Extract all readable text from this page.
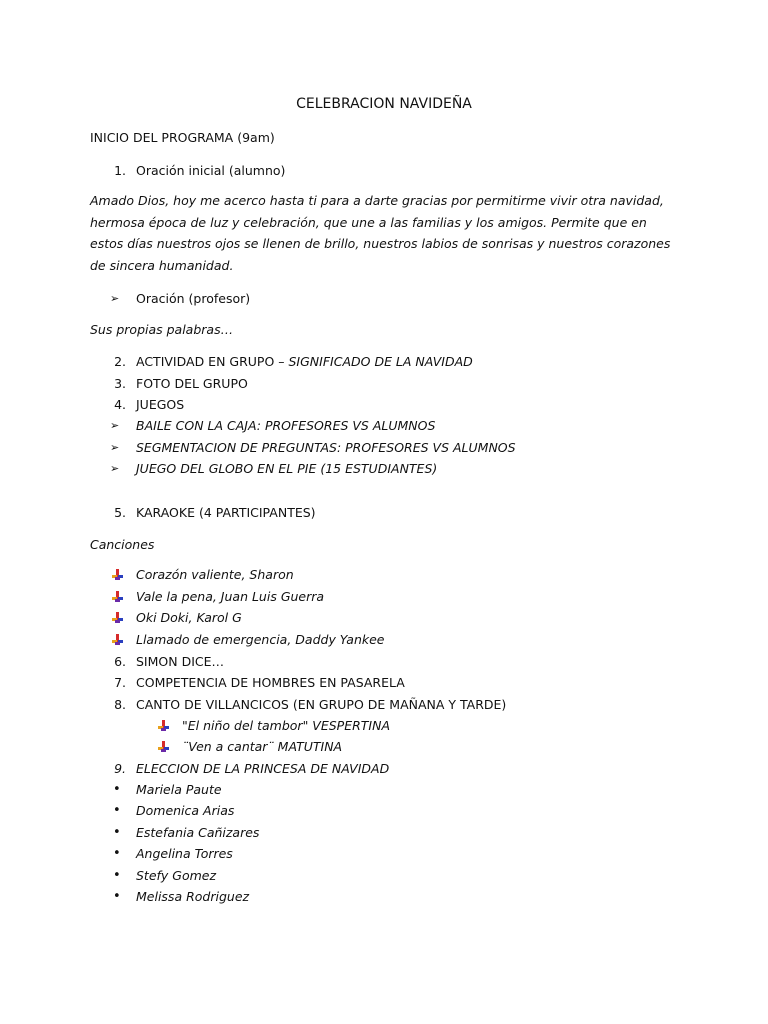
CELEBRACION NAVIDEÑA
INICIO DEL PROGRAMA (9am)
1. Oración inicial (alumno)
Amado Dios, hoy me acerco hasta ti para a darte gracias por permitirme vivir otra navidad, hermosa época de luz y celebración, que une a las familias y los amigos. Permite que en estos días nuestros ojos se llenen de brillo, nuestros labios de sonrisas y nuestros corazones de sincera humanidad.
➢ Oración (profesor)
Sus propias palabras…
2. ACTIVIDAD EN GRUPO – SIGNIFICADO DE LA NAVIDAD
3. FOTO DEL GRUPO
4. JUEGOS
➢ BAILE CON LA CAJA: PROFESORES VS ALUMNOS
➢ SEGMENTACION DE PREGUNTAS: PROFESORES VS ALUMNOS
➢ JUEGO DEL GLOBO EN EL PIE (15 ESTUDIANTES)
5. KARAOKE (4 PARTICIPANTES)
Canciones
Corazón valiente, Sharon
Vale la pena, Juan Luis Guerra
Oki Doki, Karol G
Llamado de emergencia, Daddy Yankee
6. SIMON DICE…
7. COMPETENCIA DE HOMBRES EN PASARELA
8. CANTO DE VILLANCICOS (EN GRUPO DE MAÑANA Y TARDE)
"El niño del tambor" VESPERTINA
¨Ven a cantar¨ MATUTINA
9. ELECCION DE LA PRINCESA DE NAVIDAD
• Mariela Paute
• Domenica Arias
• Estefania Cañizares
• Angelina Torres
• Stefy Gomez
• Melissa Rodriguez
